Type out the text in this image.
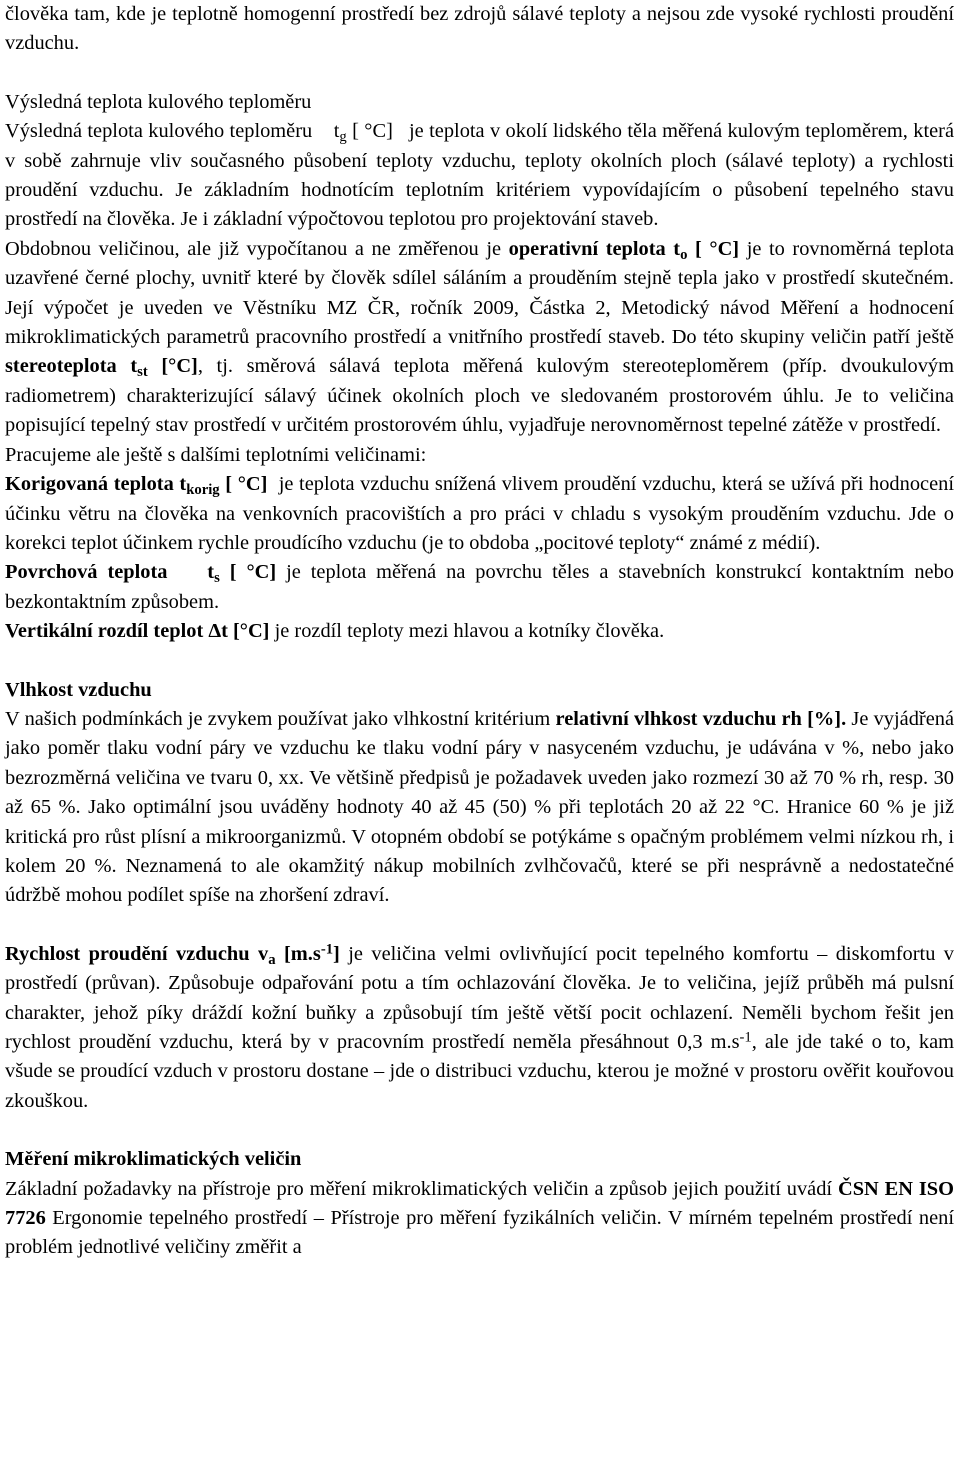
člověka tam, kde je teplotně homogenní prostředí bez zdrojů sálavé teploty a nejsou zde vysoké rychlosti proudění vzduchu.

Výsledná teplota kulového teploměru

Výsledná teplota kulového teploměru $t_g$ [ °C] je teplota v okolí lidského těla měřená kulovým teploměrem, která v sobě zahrnuje vliv současného působení teploty vzduchu, teploty okolních ploch (sálavé teploty) a rychlosti proudění vzduchu. Je základním hodnotícím teplotním kritériem vypovídajícím o působení tepelného stavu prostředí na člověka. Je i základní výpočtovou teplotou pro projektování staveb.

Obdobnou veličinou, ale již vypočítanou a ne změřenou je operativní teplota $t_o$ [ °C] je to rovnoměrná teplota uzavřené černé plochy, uvnitř které by člověk sdílel sáláním a prouděním stejně tepla jako v prostředí skutečném. Její výpočet je uveden ve Věstníku MZ ČR, ročník 2009, Částka 2, Metodický návod Měření a hodnocení mikroklimatických parametrů pracovního prostředí a vnitřního prostředí staveb. Do této skupiny veličin patří ještě stereoteplota $t_{st}$ [°C], tj. směrová sálavá teplota měřená kulovým stereoteploměrem (příp. dvoukulovým radiometrem) charakterizující sálavý účinek okolních ploch ve sledovaném prostorovém úhlu. Je to veličina popisující tepelný stav prostředí v určitém prostorovém úhlu, vyjadřuje nerovnoměrnost tepelné zátěže v prostředí.

Pracujeme ale ještě s dalšími teplotními veličinami:

Korigovaná teplota $t_{korig}$ [ °C] je teplota vzduchu snížená vlivem proudění vzduchu, která se užívá při hodnocení účinku větru na člověka na venkovních pracovištích a pro práci v chladu s vysokým prouděním vzduchu. Jde o korekci teplot účinkem rychle proudícího vzduchu (je to obdoba „pocitové teploty“ známé z médií).

Povrchová teplota $t_s$ [ °C] je teplota měřená na povrchu těles a stavebních konstrukcí kontaktním nebo bezkontaktním způsobem.

Vertikální rozdíl teplot Δt [°C] je rozdíl teploty mezi hlavou a kotníky člověka.

Vlhkost vzduchu

V našich podmínkách je zvykem používat jako vlhkostní kritérium relativní vlhkost vzduchu rh [%]. Je vyjádřená jako poměr tlaku vodní páry ve vzduchu ke tlaku vodní páry v nasyceném vzduchu, je udávána v %, nebo jako bezrozměrná veličina ve tvaru 0, xx. Ve většině předpisů je požadavek uveden jako rozmezí 30 až 70 % rh, resp. 30 až 65 %. Jako optimální jsou uváděny hodnoty 40 až 45 (50) % při teplotách 20 až 22 °C. Hranice 60 % je již kritická pro růst plísní a mikroorganizmů. V otopném období se potýkáme s opačným problémem velmi nízkou rh, i kolem 20 %. Neznamená to ale okamžitý nákup mobilních zvlhčovačů, které se při nesprávně a nedostatečné údržbě mohou podílet spíše na zhoršení zdraví.

Rychlost proudění vzduchu $v_a$ $[m.s^{-1}]$ je veličina velmi ovlivňující pocit tepelného komfortu – diskomfortu v prostředí (průvan). Způsobuje odpařování potu a tím ochlazování člověka. Je to veličina, jejíž průběh má pulsní charakter, jehož píky dráždí kožní buňky a způsobují tím ještě větší pocit ochlazení. Neměli bychom řešit jen rychlost proudění vzduchu, která by v pracovním prostředí neměla přesáhnout 0,3 $m.s^{-1}$, ale jde také o to, kam všude se proudící vzduch v prostoru dostane – jde o distribuci vzduchu, kterou je možné v prostoru ověřit kouřovou zkouškou.

Měření mikroklimatických veličin

Základní požadavky na přístroje pro měření mikroklimatických veličin a způsob jejich použití uvádí ČSN EN ISO 7726 Ergonomie tepelného prostředí – Přístroje pro měření fyzikálních veličin. V mírném tepelném prostředí není problém jednotlivé veličiny změřit a
